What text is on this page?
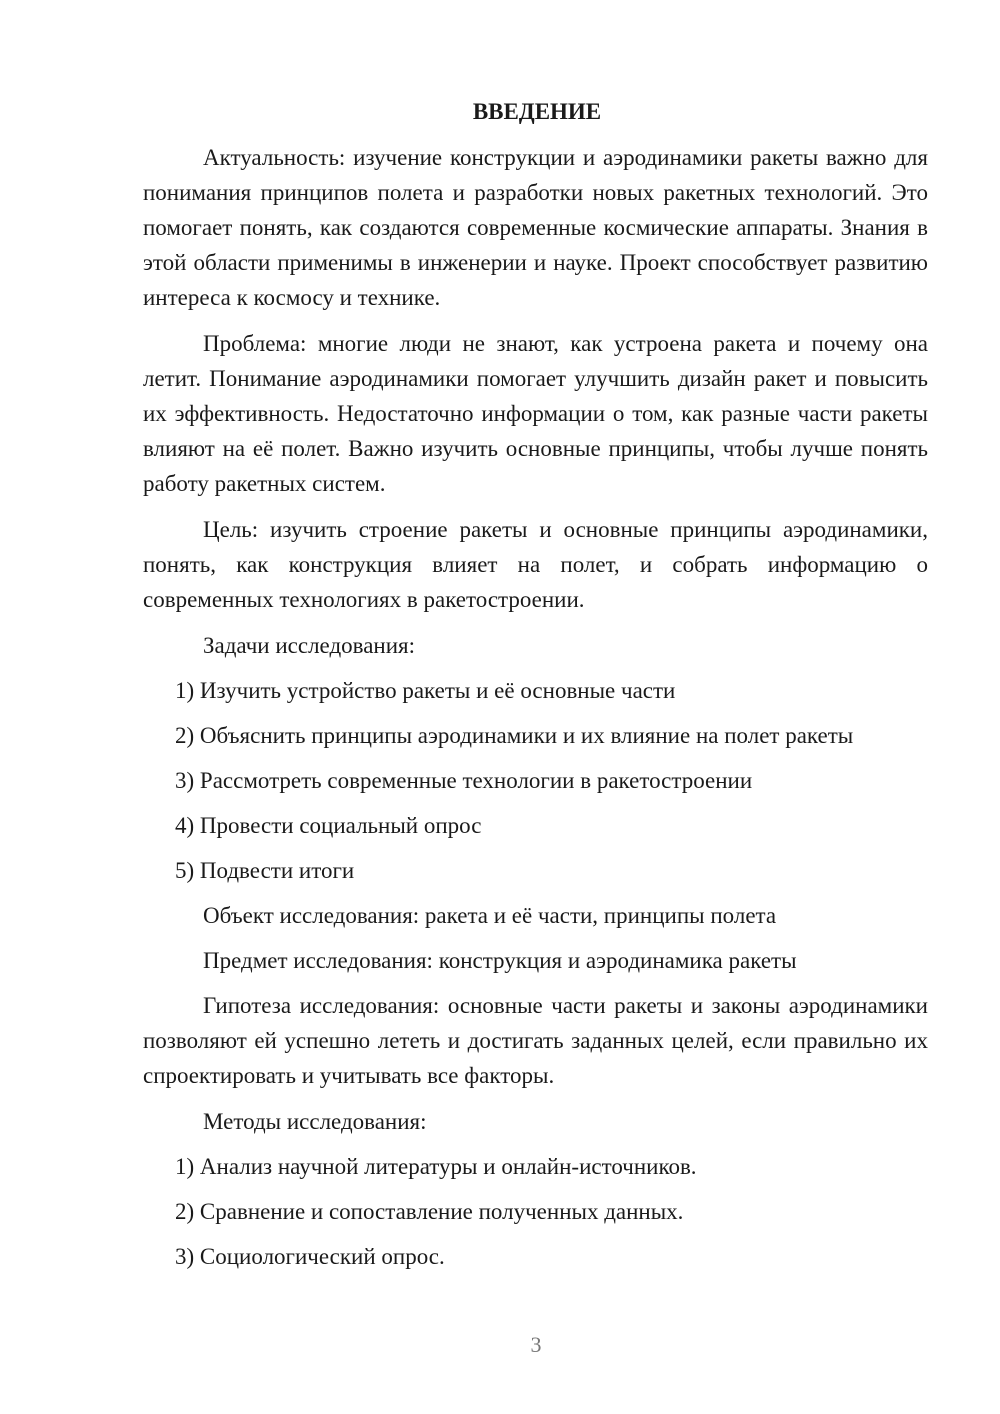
ВВЕДЕНИЕ

Актуальность: изучение конструкции и аэродинамики ракеты важно для понимания принципов полета и разработки новых ракетных технологий. Это помогает понять, как создаются современные космические аппараты. Знания в этой области применимы в инженерии и науке. Проект способствует развитию интереса к космосу и технике.

Проблема: многие люди не знают, как устроена ракета и почему она летит. Понимание аэродинамики помогает улучшить дизайн ракет и повысить их эффективность. Недостаточно информации о том, как разные части ракеты влияют на её полет. Важно изучить основные принципы, чтобы лучше понять работу ракетных систем.

Цель: изучить строение ракеты и основные принципы аэродинамики, понять, как конструкция влияет на полет, и собрать информацию о современных технологиях в ракетостроении.

Задачи исследования:

1) Изучить устройство ракеты и её основные части

2) Объяснить принципы аэродинамики и их влияние на полет ракеты

3) Рассмотреть современные технологии в ракетостроении

4) Провести социальный опрос

5) Подвести итоги

Объект исследования: ракета и её части, принципы полета

Предмет исследования: конструкция и аэродинамика ракеты

Гипотеза исследования: основные части ракеты и законы аэродинамики позволяют ей успешно лететь и достигать заданных целей, если правильно их спроектировать и учитывать все факторы.

Методы исследования:

1) Анализ научной литературы и онлайн-источников.

2) Сравнение и сопоставление полученных данных.

3) Социологический опрос.

3
